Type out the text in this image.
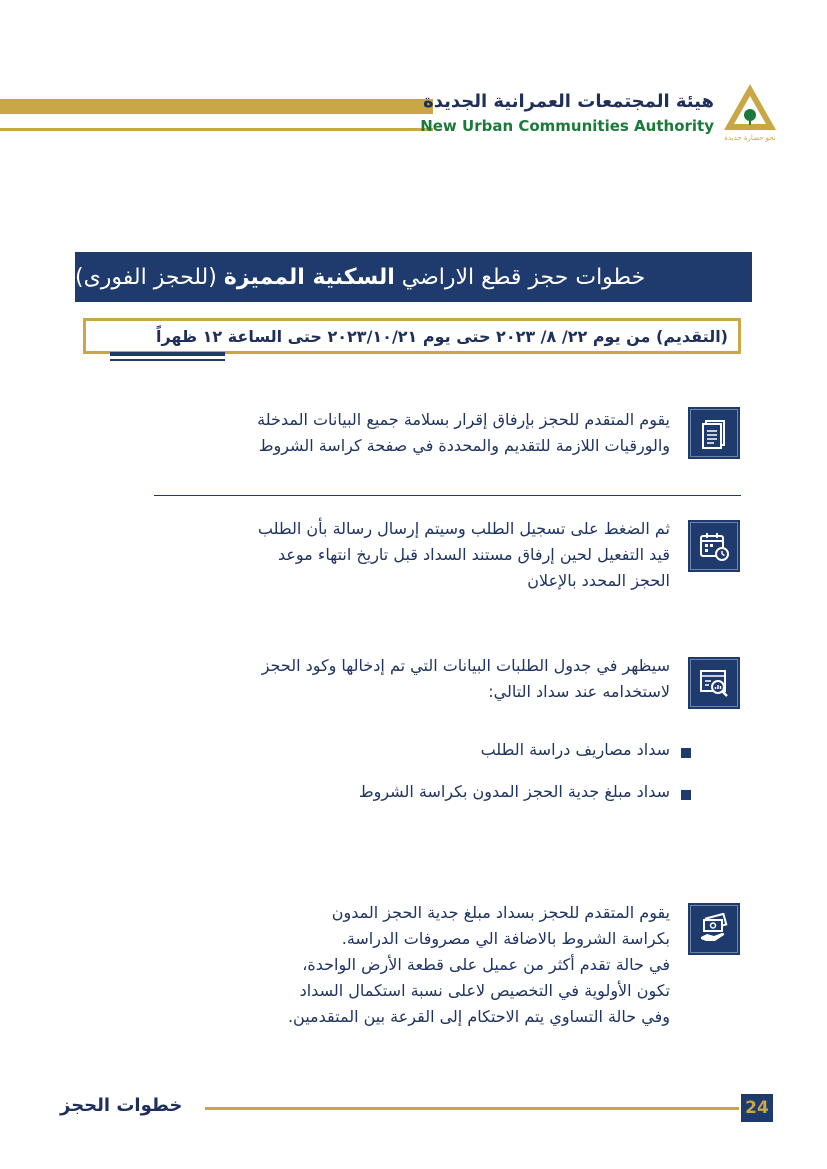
هيئة المجتمعات العمرانية الجديدة
New Urban Communities Authority
نحو حضارة جديدة
خطوات حجز قطع الاراضي السكنية المميزة (للحجز الفورى)
(التقديم) من يوم ٢٢/ ٨/ ٢٠٢٣ حتى يوم ٢٠٢٣/١٠/٢١ حتى الساعة ١٢ ظهراً
يقوم المتقدم للحجز بإرفاق إقرار بسلامة جميع البيانات المدخلة
والورقيات اللازمة للتقديم والمحددة في صفحة كراسة الشروط
ثم الضغط على تسجيل الطلب وسيتم إرسال رسالة بأن الطلب
قيد التفعيل لحين إرفاق مستند السداد قبل تاريخ انتهاء موعد
الحجز المحدد بالإعلان
سيظهر في جدول الطلبات البيانات التي تم إدخالها وكود الحجز
لاستخدامه عند سداد التالي:
سداد مصاريف دراسة الطلب
سداد مبلغ جدية الحجز المدون بكراسة الشروط
يقوم المتقدم للحجز بسداد مبلغ جدية الحجز المدون
بكراسة الشروط بالاضافة الي مصروفات الدراسة.
في حالة تقدم أكثر من عميل على قطعة الأرض الواحدة،
تكون الأولوية في التخصيص لاعلى نسبة استكمال السداد
وفي حالة التساوي يتم الاحتكام إلى القرعة بين المتقدمين.
24
خطوات الحجز
